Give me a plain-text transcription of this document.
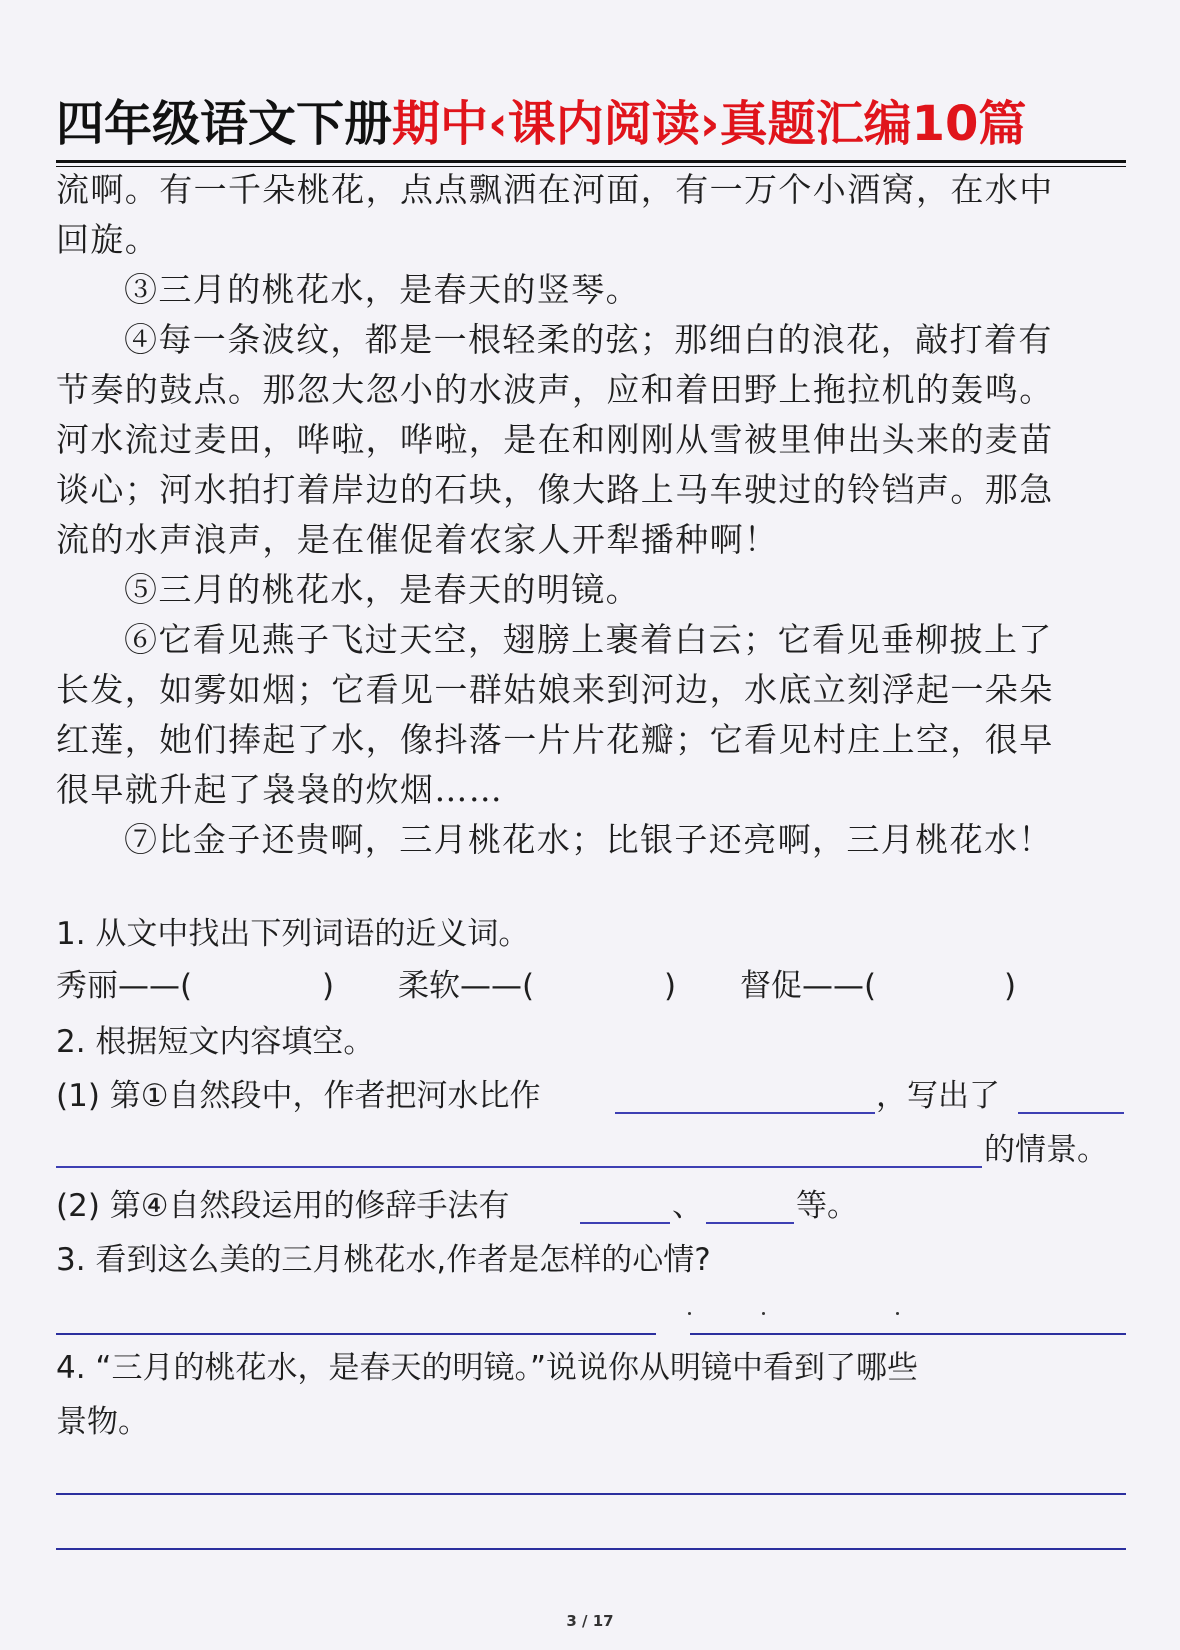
四年级语文下册期中‹课内阅读›真题汇编10篇
流啊。有一千朵桃花，点点飘洒在河面，有一万个小酒窝，在水中
回旋。
③三月的桃花水，是春天的竖琴。
④每一条波纹，都是一根轻柔的弦；那细白的浪花，敲打着有
节奏的鼓点。那忽大忽小的水波声，应和着田野上拖拉机的轰鸣。
河水流过麦田，哗啦，哗啦，是在和刚刚从雪被里伸出头来的麦苗
谈心；河水拍打着岸边的石块，像大路上马车驶过的铃铛声。那急
流的水声浪声，是在催促着农家人开犁播种啊！
⑤三月的桃花水，是春天的明镜。
⑥它看见燕子飞过天空，翅膀上裹着白云；它看见垂柳披上了
长发，如雾如烟；它看见一群姑娘来到河边，水底立刻浮起一朵朵
红莲，她们捧起了水，像抖落一片片花瓣；它看见村庄上空，很早
很早就升起了袅袅的炊烟……
⑦比金子还贵啊，三月桃花水；比银子还亮啊，三月桃花水！
1. 从文中找出下列词语的近义词。
秀丽——(	) 柔软——(	) 督促——(	)
2. 根据短文内容填空。
(1) 第①自然段中，作者把河水比作	，写出了
的情景。
(2) 第④自然段运用的修辞手法有	、	等。
3. 看到这么美的三月桃花水,作者是怎样的心情?
4. “三月的桃花水，是春天的明镜。”说说你从明镜中看到了哪些
景物。
3 / 17
